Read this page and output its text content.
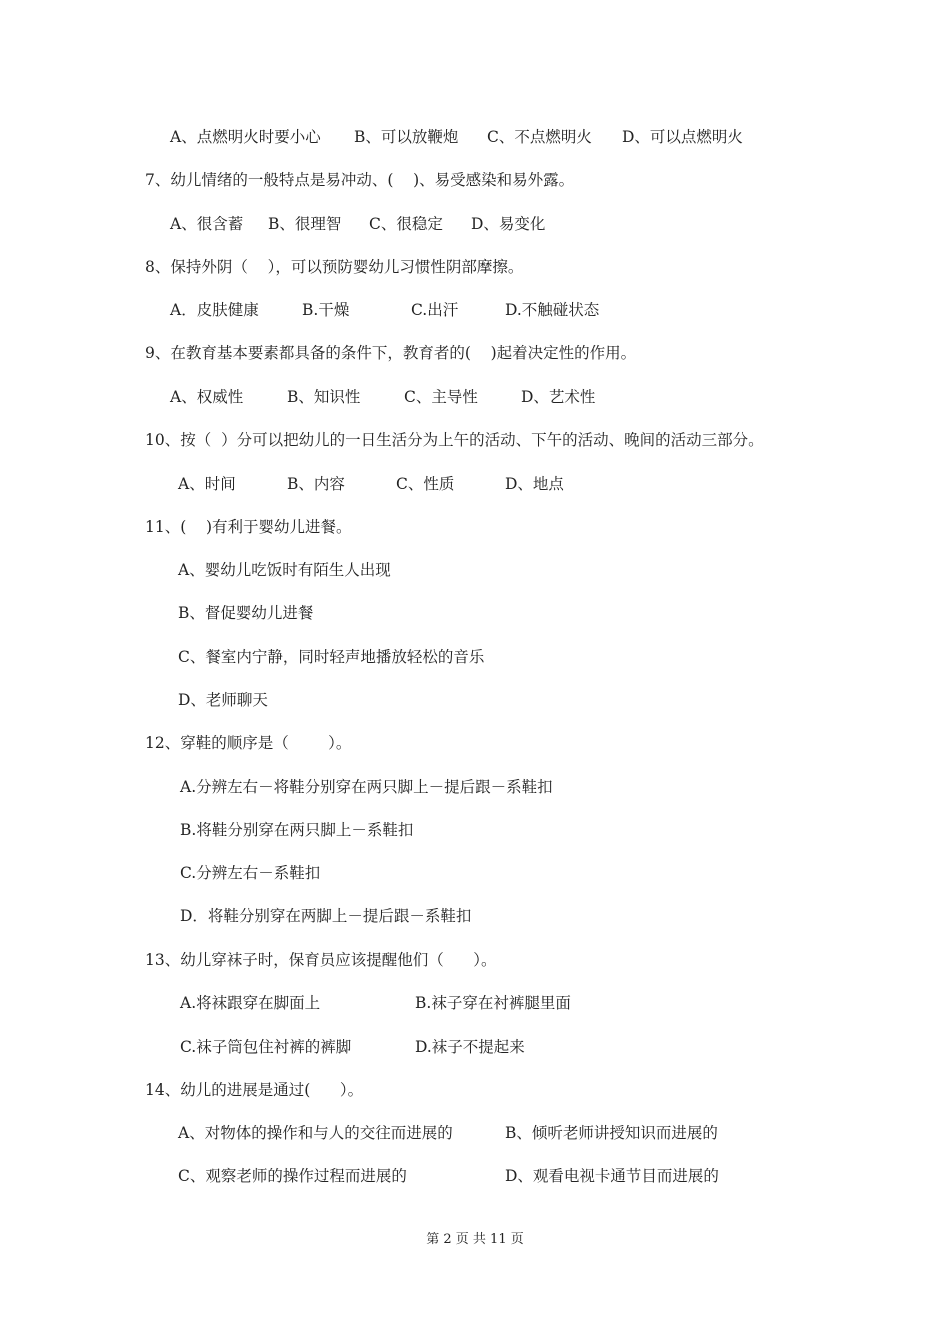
A、点燃明火时要小心 B、可以放鞭炮 C、不点燃明火 D、可以点燃明火
7、幼儿情绪的一般特点是易冲动、(    )、易受感染和易外露。
A、很含蓄 B、很理智 C、很稳定 D、易变化
8、保持外阴（    ），可以预防婴幼儿习惯性阴部摩擦。
A．皮肤健康	B.干燥	C.出汗	D.不触碰状态
9、在教育基本要素都具备的条件下，教育者的(    )起着决定性的作用。
A、权威性	B、知识性	C、主导性	D、艺术性
10、按（  ）分可以把幼儿的一日生活分为上午的活动、下午的活动、晚间的活动三部分。
A、时间	B、内容	C、性质	D、地点
11、(    )有利于婴幼儿进餐。
A、婴幼儿吃饭时有陌生人出现
B、督促婴幼儿进餐
C、餐室内宁静，同时轻声地播放轻松的音乐
D、老师聊天
12、穿鞋的顺序是（        ）。
A.分辨左右－将鞋分别穿在两只脚上－提后跟－系鞋扣
B.将鞋分别穿在两只脚上－系鞋扣
C.分辨左右－系鞋扣
D．将鞋分别穿在两脚上－提后跟－系鞋扣
13、幼儿穿袜子时，保育员应该提醒他们（      ）。
A.将袜跟穿在脚面上	B.袜子穿在衬裤腿里面
C.袜子筒包住衬裤的裤脚	D.袜子不提起来
14、幼儿的进展是通过(      ）。
A、对物体的操作和与人的交往而进展的	B、倾听老师讲授知识而进展的
C、观察老师的操作过程而进展的	D、观看电视卡通节目而进展的
第 2 页 共 11 页
